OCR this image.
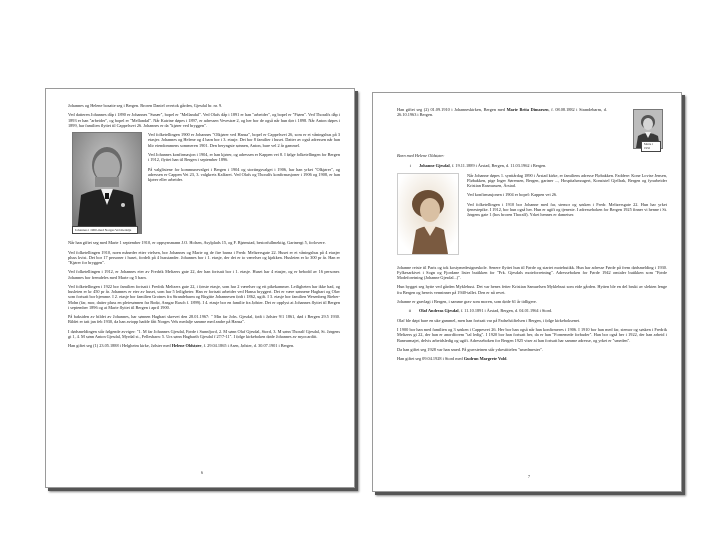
Johannes og Helene bosatte seg i Bergen. Broren Daniel overtok gården, Gjesdal br. nr. 9.

Ved datteren Johannes dåp i 1890 er Johannes "Ssnær", bopel er "Mellandal". Ved Olafs dåp i 1891 er han "arbeider", og bopel er "Fiøen". Ved Thoralfs dåp i 1893 er han "arbeider", og bopel er "Mellandal". Når Katrine døpes i 1897, er adressen Vevestræ 2, og her bor de også når hun dør i 1898. Når Anton døpes i 1899, har familien flyttet til Cappelsvei 26. Johannes er da "kjører ved bryggen".

Johannes i 1900-med Norges Vel medalje

Ved folketellingen 1900 er Johannes "Olkjører ved Hansa", bopel er Cappelsvei 26, som er et våningshus på 3 etasjer. Johannes og Helene og 4 barn bor i 3. etasje. Det bor 8 familier i huset. Datter av også adressen når han blir eiendommens sommeren 1901. Den beryngste sønnen, Anton, bare vel 2 år gammel.

Ved Johannes konfirmasjon i 1904, er han kjører, og adressen er Kappen vei 8. I følge folketellingen for Bergen i 1912, flyttet han til Bergen i september 1896.

På valglistene for kommunevalget i Bergen i 1904 og stortingsvalget i 1906, har han yrket "Olkjører", og adressen er Cappen Vei 23, 3. valgkrets Kalfaret. Ved Olafs og Thoralfs konfirmasjoner i 1906 og 1908, er han kjører eller arbeider.

Når han giftet seg med Marie 1 september 1910, er oppsynsmann J.O. Holsen, Asylplads 15, og F. Bjørnstad, bestorfullmektig, Gartnergt 5, forlovere.

Ved folketellingen 1910, noen måneder etter vielsen, bor Johannes og Marie og de fire barna i Fredr. Meltzersgate 22. Huset er et våningshus på 4 etasjer pluss kvist. Det bor 17 personer i huset, fordelt på 4 husstander. Johannes bor i 1. etasje, der det er to værelser og kjøkken. Husleien er kr 300 pr år. Han er "Kjører for bryggen".

Ved folketellingen i 1912, er Johannes eier av Fredrik Meltzers gate 22, der han fortsatt bor i 1. etasje. Huset har 4 etasjer, og er bebodd av 16 personer. Johannes bor fremdeles med Marie og 5 barn.

Ved folketellingen i 1922 bor familien fortsatt i Fredrik Meltzers gate 22, i første etasje, som har 2 værelser og ett pikekammer. Leiligheten har ikke bad, og husleien er kr 450 pr år. Johannes er eier av huset, som har 5 leiligheter. Han er fortsatt arbeider ved Hansa bryggeri. Det er være sønnene Hagbart og Olav som fortsatt bor hjemme. I 2. etasje bor familien Grotnes fra Strandebarm og Birgitte Johannesen født i 1862, ugift. I 3. etasje bor familien Wesenberg Rieber-Mohn (far, mor, datter pluss en pleiesønnen fra Bodø, Ansgar Rasch f. 1899). I 4. etasje bor en familie fra Jølster. Det er opplyst at Johannes flyttet til Bergen i september 1896 og at Marie flyttet til Bergen i april 1900.

På baksiden av bildet av Johannes, har sønnen Hagbart skrevet den 28.01.1967: " Min far Johs. Gjesdal, født i Jølster 9/1 1861, død i Bergen 29.5 1930. Bildet er tatt jan feb 1930, da han avtopp hadde fått Norges Vels medalje samme med andre på Hansa".

I dødsmeldingen står følgende avviger: "1. M far Johannes Gjesdal, Førde i Sunnfjord, 2. M sønn Olaf Gjesdal, Stord, 3. M sønn Thoralf Gjesdal, St. Jørgens gt 1, 4. M sønn Anton Gjesdal, Myrdal st., Fellesbarn: 5. Urs sønn Hagbarth Gjesdal f 27/7-11". I følge kirkeboken døde Johannes av myocarditt.

Han giftet seg (1) 23.05.1888 i Helgheim kirke, Jølster med Helene Oldstøer, f. 29.04.1865 i Asen, Jølster, d. 30.07.1901 i Bergen.

6

Han giftet seg (2) 01.09.1910 i Johanneskirken, Bergen med Marie Brita Dimarsen, f. 08.08.1882 i Strandebarm, d. 26.10.1963 i Bergen.

Marie i 1932

Barn med Helene Oldstøer:

i Johanne Gjesdal, f. 19.11.1889 i Årstad, Bergen, d. 11.03.1962 i Bergen.

Når Johanne døpes 1. synttårdag 1890 i Årstad kirke, er familiens adresse Fløbakken. Faddere: Kone Lovise Jensen, Fløbakken, pige Inger Sørensen, Bergen, gartner ..., Hospitalsmragert, Konsistel Gjellrak, Bergen og fyrarbeider Kristian Rasmussen, Årstad.

Ved konfirmasjonen i 1904 er bopel: Kappen vei 26.

Ved folketellingen i 1910 bor Johanne med far, stemor og søsken i Fredr. Meltzersgate 22. Hun har yrket tjenestepike. I 1912, bor hun også her. Hun er ugift og tjeneste. I adresseboken for Bergen 1925 finner vi henne i St. Jørgens gate 1 (hos broren Thoralf). Yrket hennes er dametser.

Johanne reiste til Paris og tok kostymedesigneskole. Senere flyttet hun til Førde og startet motebutikk. Hun har adresse Førde på frem dødsmelding i 1930. Fylkesarkivet i Sogn og Fjordane lister butikken for "Frk. Gjesdals moteforretning". Adresseboken for Førde 1942 omtaler butikken som "Førde Modeforetning (Johanne Gjesdal...)".

Hun bygget seg hytte ved gården Myklebust. Det var henes fetter Kristian Samuelsen Myklebust som eide gården. Hytten ble en del brukt av slekten lenge fra Bergen og henvis venninner på 1940-tallet. Den er nå revet.

Johanne er gravlagt i Bergen, i samme grav som moren, som døde 61 år tidligere.

ii Olaf Andreas Gjesdal, f. 11.10.1891 i Årstad, Bergen, d. 04.01.1964 i Stord.

Olaf ble døpt bare en uke gammel, men han fortsatt var på Fadselstiftelsen i Bergen, i følge kirkeboksenet.

I 1900 bor han med familien og 3 søsken i Cappesvei 26. Her bor han også når han konfirmeres i 1906. I 1910 bor han med far, stemor og søsken i Fredrik Meltzers gt 22, der han er anordforem "tal ledig". I 1920 bor han fortsatt her, da er han "Fornemede forbuder". Han bor også her i 1922, der han arbeid i Banearmajet, delvis arbeidsledig og ugift. Adresseboken for Bergen 1925 viser at han fortsatt har samme adresse, og yrket er "smeden".

Da han giftet seg 1928 var han smed. På gravsteinen står yrkestittelen "smedmester".

Han giftet seg 09.04.1928 i Stord med Gudrun Margrete Vold.

7
